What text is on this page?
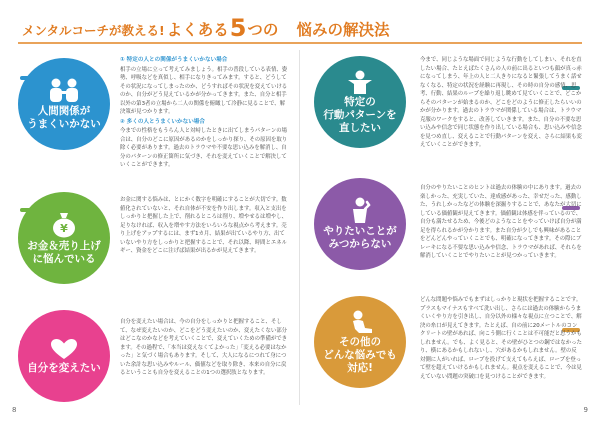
メンタルコーチが教える! よくある 5 つの 悩みの解決法
人間関係が
うまくいかない

① 特定の人との関係がうまくいかない場合

相手の立場に立って考えてみましょう。相手の普段している表情、姿勢、呼吸などを真似し、相手になりきってみます。すると、どうしてその状況になってしまったのか、どうすればその状況を変えていけるのか、自分がどう見えているかが分かってきます。また、自分と相手以外の第3者の立場から二人の関係を俯瞰して冷静に見ることで、解決策が見つかります。

② 多くの人とうまくいかない場合

今までの性格をもうらん人と対峙したときに出てしまうパターンの場合は、自分のどこに原因があるのかをしっかり探り、その原因を取り除く必要があります。過去のトラウマや不要な思い込みを解消し、自分のパターンの修正箇所に気づき、それを変えていくことで解決していくことができます。

¥
お金＆売り上げ
に悩んでいる

お金に関する悩みは、とにかく数字を明確にすることが大切です。数値化されていないと、それ自体が不安を作り出します。収入と支出をしっかりと把握した上で、削れるところは削り、増やせるは増やし、足りなければ、収入を増やす方法をいろいろな視点から考えます。売り上げをアップするには、まず1カ月、結果が出ているやり方、出ていないやり方をしっかりと把握することで、それ以降、時間とエネルギー、資金をどこに注げば結果が出るかが見えてきます。

自分を変えたい

自分を変えたい場合は、今の自分をしっかりと把握すること、そして、なぜ変えたいのか、どこをどう変えたいのか、変えたくない部分はどこなのかなどを考えていくことで、変えていくための準備ができます。その過程で、「本当は変えなくてよかった」「変える必要はなかった」と気づく場合もあります。そして、大人になるにつれて身についた余計な思い込みやルール、価値などを取り除き、本来の自分に戻るということも自分を変えることの1つの選択肢となります。

特定の
行動パターンを
直したい

今まで、同じような場面で同じような行動をしてしまい、それを直したい場合、たとえばたくさんの人の前に出るといつも顔が真っ赤になってしまう、年上の人と二人きりになると緊張してうまく話せなくなる、特定の状況を経験に再現し、その時の自分の感情、思考、行動、結果のループを繰り返し眺めて見ていくことで、どこからそのパターンが始まるのか、どこをどのように修正したらいいのかが分かります。過去のトラウマが関係している場合は、トラウマ克服のワークをすると、改善していきます。また、自分の不要な思い込みや信念で同じ状態を作り出している場合も、思い込みや信念を見つめ直し、変えることで行動パターンを変え、さらに結果も変えていくことができます。

やりたいことが
みつからない

自分のやりたいことのヒントは過去の体験の中にあります。過去の楽しかった、充実していた、達成感があった、幸せだった、感動した、うれしかったなどの体験を深掘りすることで、あなたが大切にしている価値観が見えてきます。価値観は体感を伴っているので、自分も満たせるため、今後どのようなことをやっていけば自分が満足を得られるかが分かります。また自分が少しでも興味があることをどんどんやっていくことでも、明確になってきます。その際にブレーキになる不要な思い込みや信念、トラウマがあれば、それらを解消していくことでやりたいことが見つかっていきます。

その他の
どんな悩みでも
対応!

どんな問題や悩みでもまずはしっかりと現状を把握することです。プラスもマイナスもすべて洗い出し、さらには過去の体験からうまくいくやり方を引き出し、自分以外の様々な視点に立つことで、解決の糸口が見えてきます。たとえば、自の前に20メートルのコンクリートの壁があれば、向こう側に行くことは不可能だと思うかもしれません。でも、よく見ると、その壁がひとつの鋼ではなかったり、横にあるかもしれないし、穴があるかもしれません。壁の反対側に人がいれば、ロープを投げて支えてもらえば、ロープを登って壁を超えていけるかもしれません。視点を変えることで、今は見えていない問題の突破口を見つけることができます。

8	9
